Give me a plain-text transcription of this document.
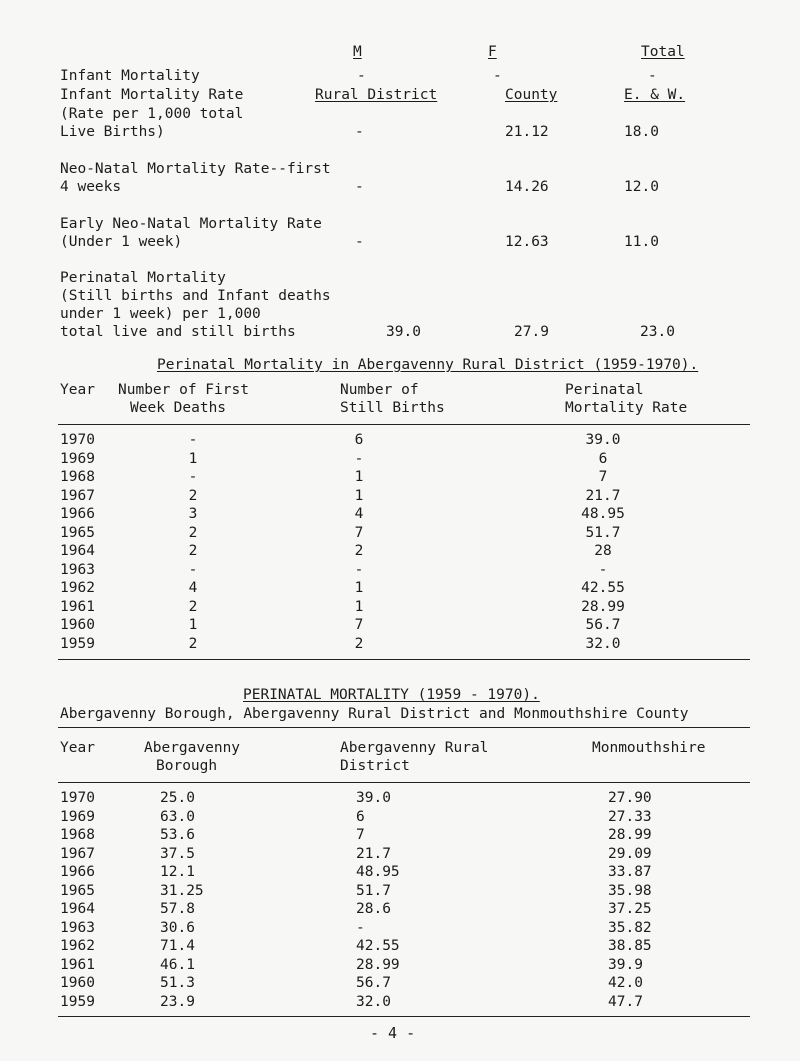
M	F	Total
Infant Mortality	-	-	-
Infant Mortality Rate
(Rate per 1,000 total
Rural District	County	E. & W.
Live Births)	-	21.12	18.0
Neo-Natal Mortality Rate--first
4 weeks	-	14.26	12.0
Early Neo-Natal Mortality Rate
(Under 1 week)	-	12.63	11.0
Perinatal Mortality
(Still births and Infant deaths
under 1 week) per 1,000
total live and still births	39.0	27.9	23.0
Perinatal Mortality in Abergavenny Rural District (1959-1970).
Year Number of First
Week Deaths
Number of
Still Births
Perinatal
Mortality Rate
1970	-	6	39.0
1969	1	-	6
1968	-	1	7
1967	2	1	21.7
1966	3	4	48.95
1965	2	7	51.7
1964	2	2	28
1963	-	-	-
1962	4	1	42.55
1961	2	1	28.99
1960	1	7	56.7
1959	2	2	32.0
PERINATAL MORTALITY (1959 - 1970).
Abergavenny Borough, Abergavenny Rural District and Monmouthshire County
Year	Abergavenny
Borough
Abergavenny Rural
District
Monmouthshire
1970	25.0	39.0	27.90
1969	63.0	6	27.33
1968	53.6	7	28.99
1967	37.5	21.7	29.09
1966	12.1	48.95	33.87
1965	31.25	51.7	35.98
1964	57.8	28.6	37.25
1963	30.6	-	35.82
1962	71.4	42.55	38.85
1961	46.1	28.99	39.9
1960	51.3	56.7	42.0
1959	23.9	32.0	47.7
- 4 -
